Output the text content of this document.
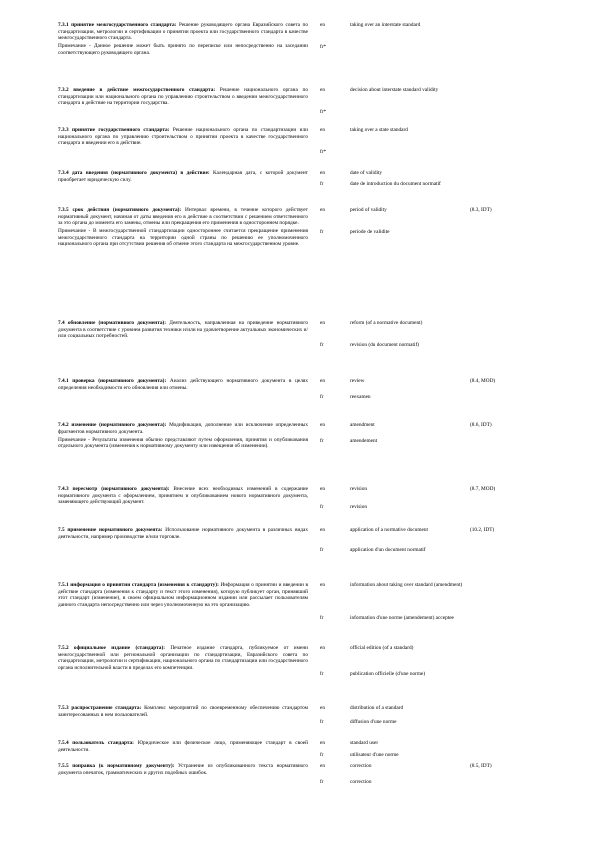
7.3.1 принятие межгосударственного стандарта: Решение руководящего органа Евразийского совета по стандартизации, метрологии и сертификации о принятии проекта или государственного стандарта в качестве межгосударственного стандарта.

Примечание - Данное решение может быть принято по переписке или непосредственно на заседании соответствующего руководящего органа.

en	taking over an interstate standard
fr*

7.3.2 введение в действие межгосударственного стандарта: Решение национального органа по стандартизации или национального органа по управлению строительством о введении межгосударственного стандарта в действие на территории государства.

en	decision about interstate standard validity
fr*

7.3.3 принятие государственного стандарта: Решение национального органа по стандартизации или национального органа по управлению строительством о принятии проекта в качестве государственного стандарта и введении его в действие.

en	taking over a state standard
fr*

7.3.4 дата введения (нормативного документа) в действие: Календарная дата, с которой документ приобретает юридическую силу.

en	date of validity
fr	date de introduction du document normatif

7.3.5 срок действия (нормативного документа): Интервал времени, в течение которого действует нормативный документ, начиная от даты введения его в действие в соответствии с решением ответственного за это органа до момента его замены, отмены или прекращения его применения в одностороннем порядке.

Примечание - В межгосударственной стандартизации одностороннее считается прекращение применения межгосударственного стандарта на территории одной страны по решению ее уполномоченного национального органа при отсутствии решения об отмене этого стандарта на межгосударственном уровне.

en	period of validity	(8.3, IDT)
fr	periode de validite

7.4 обновление (нормативного документа): Деятельность, направленная на приведение нормативного документа в соответствие с уровнем развития техники и/или на удовлетворение актуальных экономических и/или социальных потребностей.

en	reform (of a normative document)
fr	revision (du document normatif)

7.4.1 проверка (нормативного документа): Анализ действующего нормативного документа в целях определения необходимости его обновления или отмены.

en	review	(8.4, MOD)
fr	reexamen

7.4.2 изменение (нормативного документа): Модификация, дополнение или исключение определенных фрагментов нормативного документа.

Примечание - Результаты изменения обычно представляют путем оформления, принятия и опубликования отдельного документа (изменения к нормативному документу или извещения об изменении).

en	amendment	(8.6, IDT)
fr	amendement

7.4.3 пересмотр (нормативного документа): Внесение всех необходимых изменений в содержание нормативного документа с оформлением, принятием и опубликованием нового нормативного документа, заменяющего действующий документ.

en	revision	(8.7, MOD)
fr	revision

7.5 применение нормативного документа: Использование нормативного документа в различных видах деятельности, например производстве и/или торговле.

en	application of a normative document	(10.2, IDT)
fr	application d'un document normatif

7.5.1 информация о принятии стандарта (изменения к стандарту): Информация о принятии и введении в действие стандарта (изменения к стандарту и текст этого изменения), которую публикует орган, принявший этот стандарт (изменение), в своем официальном информационном издании или рассылает пользователям данного стандарта непосредственно или через уполномоченную на это организацию.

en	information about taking over standard (amendment)
fr	information d'une norme (amendement) acceptee

7.5.2 официальное издание (стандарта): Печатное издание стандарта, публикуемое от имени межгосударственной или региональной организации по стандартизации, Евразийского совета по стандартизации, метрологии и сертификации, национального органа по стандартизации или государственного органа исполнительной власти в пределах его компетенции.

en	official edition (of a standard)
fr	publication officielle (d'une norme)

7.5.3 распространение стандарта: Комплекс мероприятий по своевременному обеспечению стандартом заинтересованных в нем пользователей.

en	distribution of a standard
fr	diffusion d'une norme

7.5.4 пользователь стандарта: Юридическое или физическое лицо, применяющее стандарт в своей деятельности.

en	standard user
fr	utilisateur d'une norme

7.5.5 поправка (к нормативному документу): Устранение из опубликованного текста нормативного документа опечаток, грамматических и других подобных ошибок.

en	correction	(8.5, IDT)
fr	correction
